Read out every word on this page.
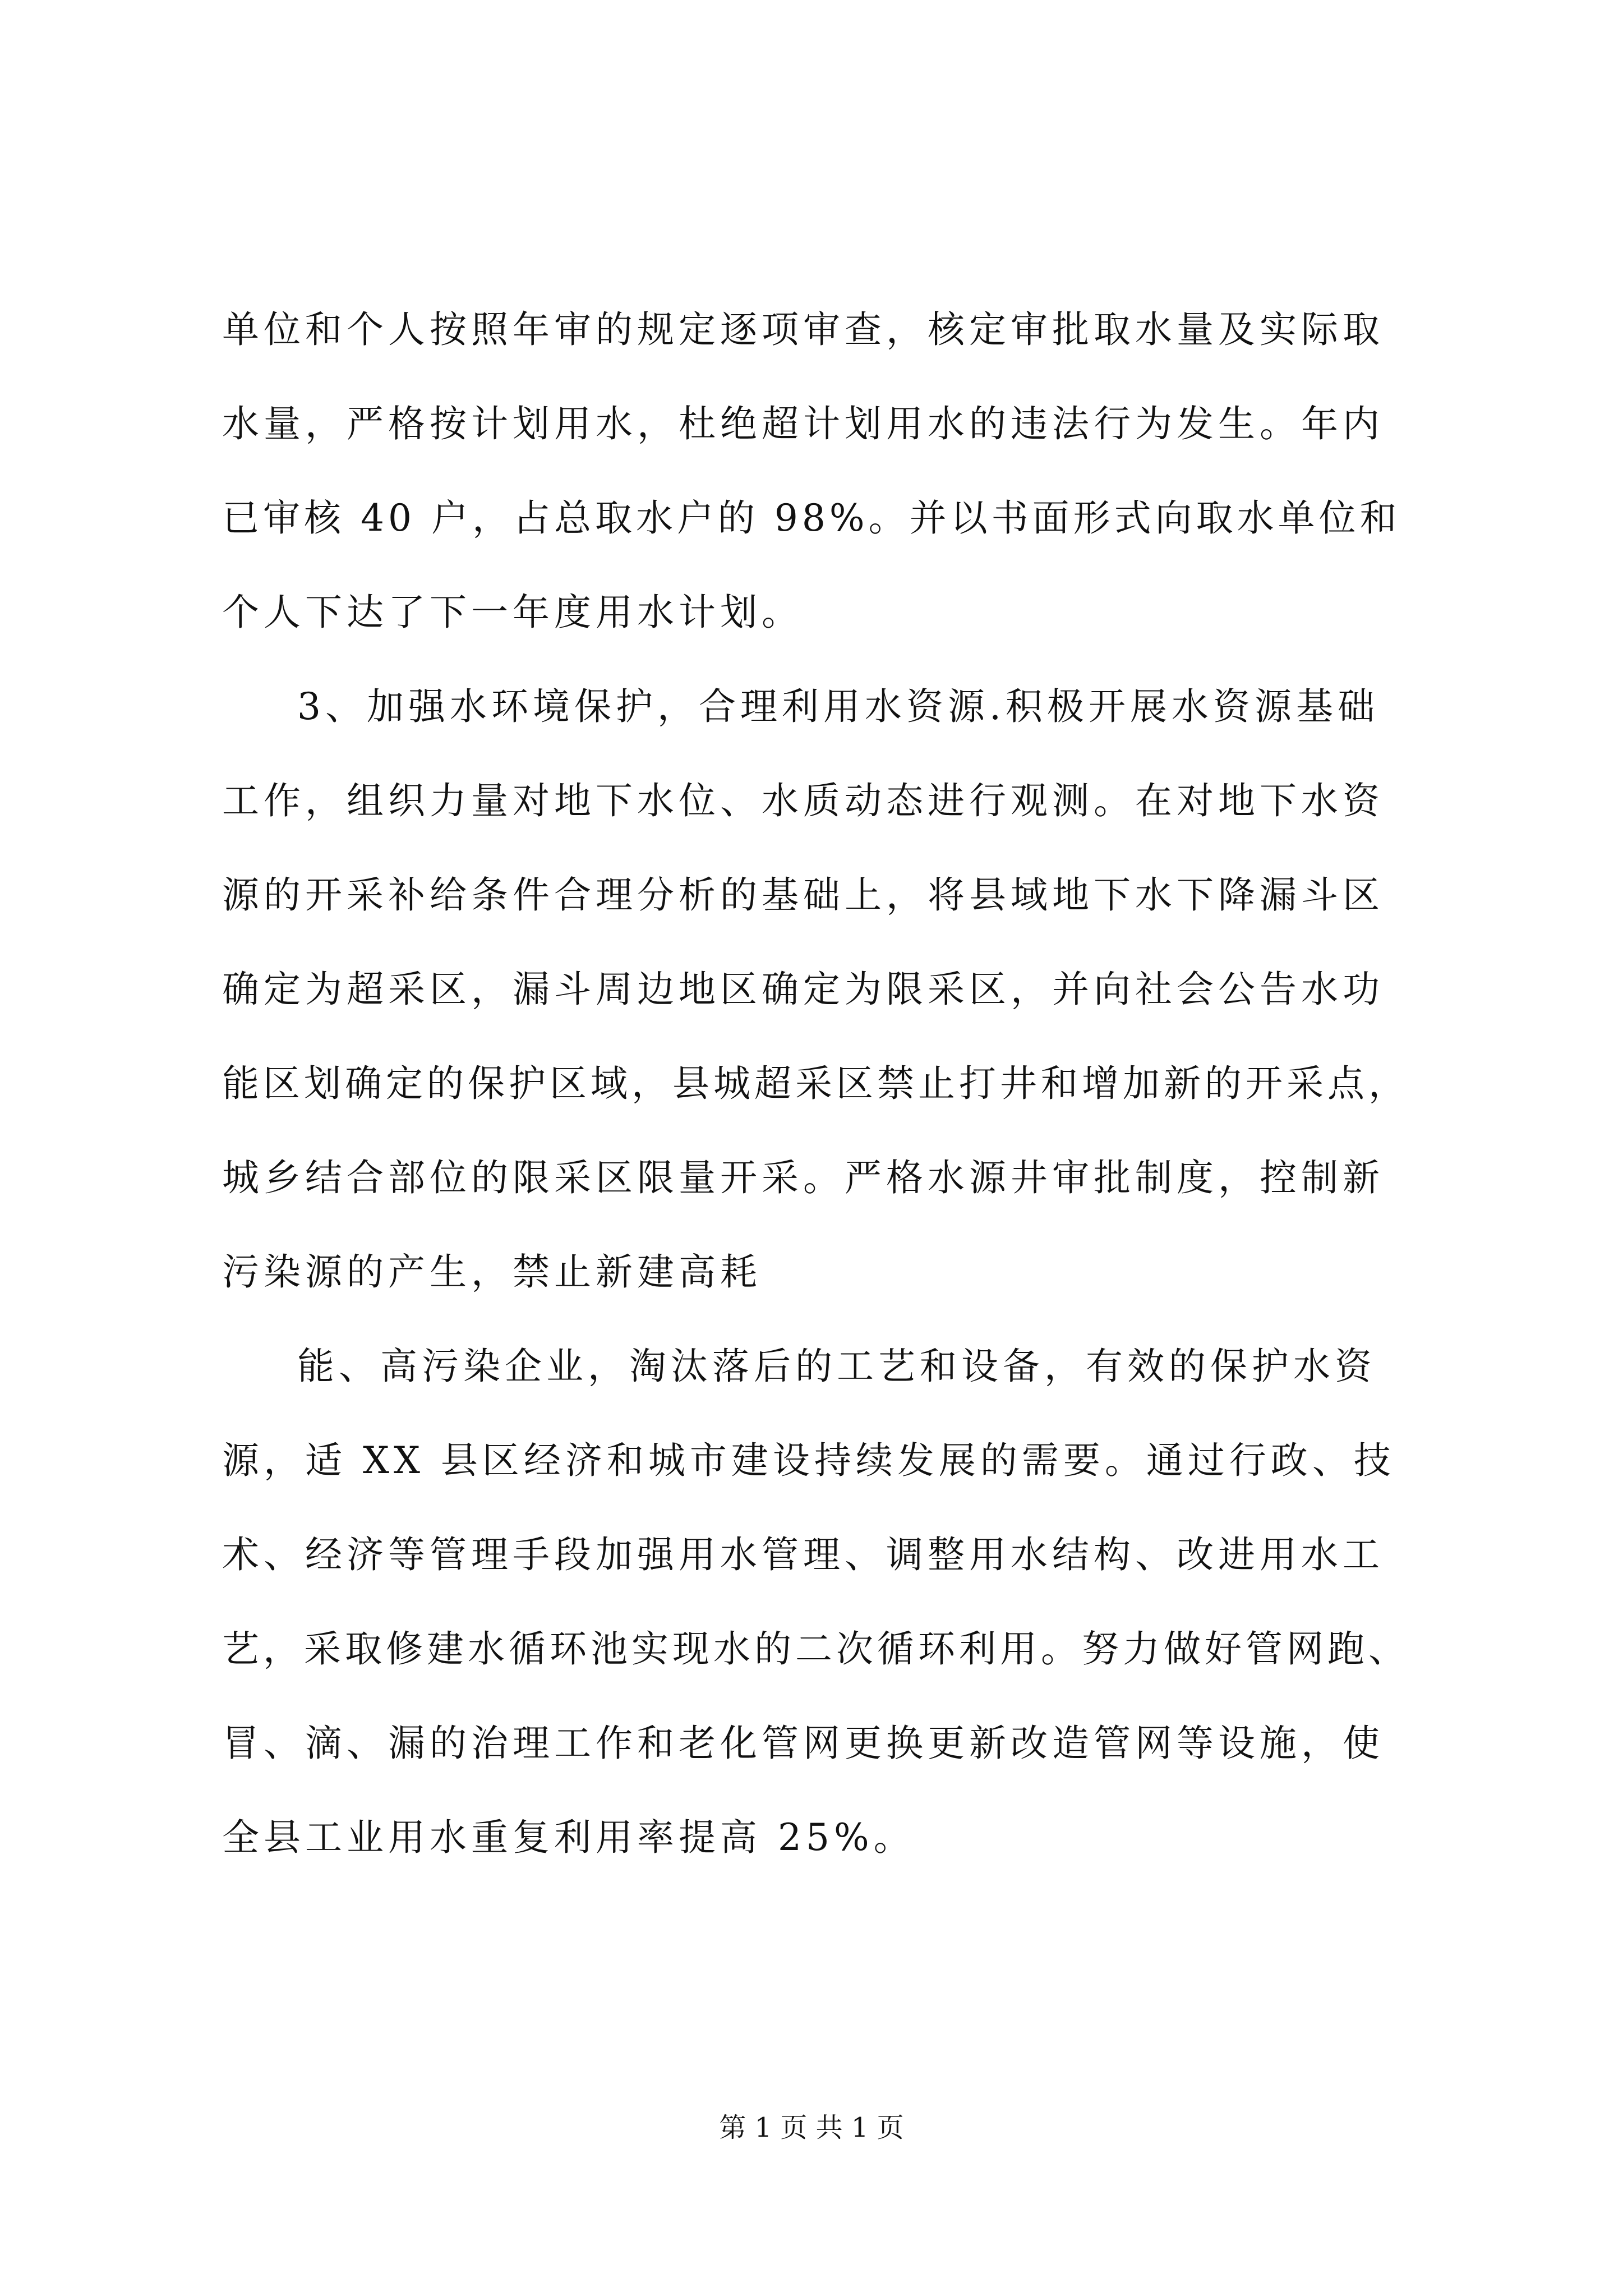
单位和个人按照年审的规定逐项审查，核定审批取水量及实际取
水量，严格按计划用水，杜绝超计划用水的违法行为发生。年内
已审核 40 户，占总取水户的 98%。并以书面形式向取水单位和
个人下达了下一年度用水计划。
3、加强水环境保护，合理利用水资源.积极开展水资源基础
工作，组织力量对地下水位、水质动态进行观测。在对地下水资
源的开采补给条件合理分析的基础上，将县域地下水下降漏斗区
确定为超采区，漏斗周边地区确定为限采区，并向社会公告水功
能区划确定的保护区域，县城超采区禁止打井和增加新的开采点，
城乡结合部位的限采区限量开采。严格水源井审批制度，控制新
污染源的产生，禁止新建高耗
能、高污染企业，淘汰落后的工艺和设备，有效的保护水资
源，适 XX 县区经济和城市建设持续发展的需要。通过行政、技
术、经济等管理手段加强用水管理、调整用水结构、改进用水工
艺，采取修建水循环池实现水的二次循环利用。努力做好管网跑、
冒、滴、漏的治理工作和老化管网更换更新改造管网等设施，使
全县工业用水重复利用率提高 25%。
第 1 页 共 1 页
